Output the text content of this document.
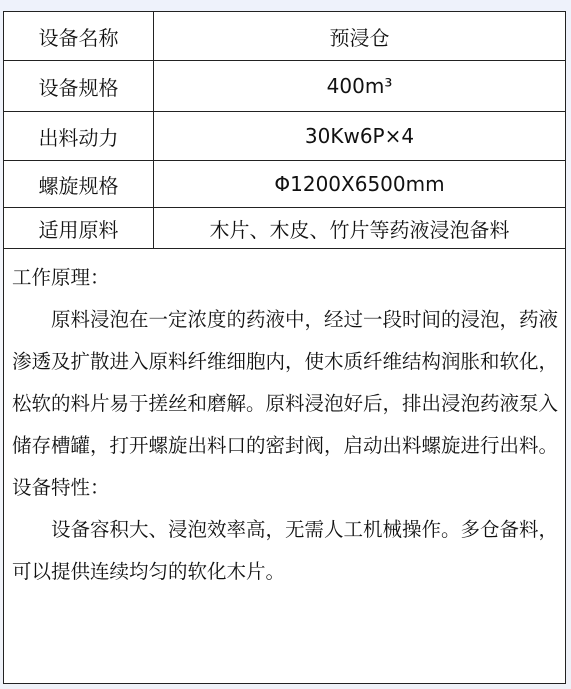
设备名称	预浸仓
设备规格	400m³
出料动力	30Kw6P×4
螺旋规格	Φ1200X6500mm
适用原料	木片、木皮、竹片等药液浸泡备料

工作原理：

原料浸泡在一定浓度的药液中，经过一段时间的浸泡，药液渗透及扩散进入原料纤维细胞内，使木质纤维结构润胀和软化，松软的料片易于搓丝和磨解。原料浸泡好后，排出浸泡药液泵入储存槽罐，打开螺旋出料口的密封阀，启动出料螺旋进行出料。

设备特性：

设备容积大、浸泡效率高，无需人工机械操作。多仓备料，可以提供连续均匀的软化木片。
